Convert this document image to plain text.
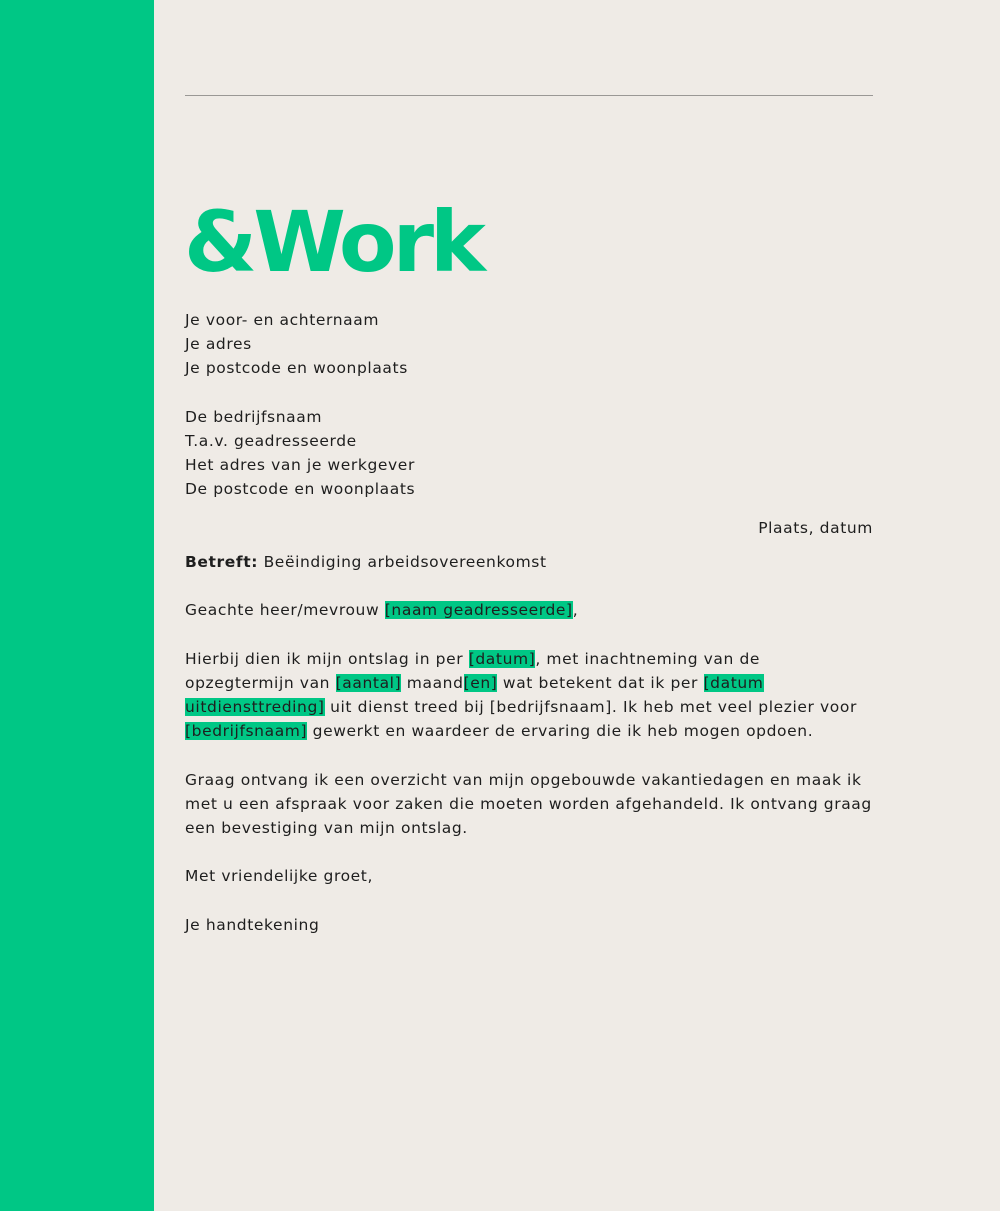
&Work

Je voor- en achternaam

Je adres

Je postcode en woonplaats

De bedrijfsnaam

T.a.v. geadresseerde

Het adres van je werkgever

De postcode en woonplaats

Plaats, datum

Betreft: Beëindiging arbeidsovereenkomst

Geachte heer/mevrouw [naam geadresseerde],

Hierbij dien ik mijn ontslag in per [datum], met inachtneming van de opzegtermijn van [aantal] maand[en] wat betekent dat ik per [datum uitdiensttreding] uit dienst treed bij [bedrijfsnaam]. Ik heb met veel plezier voor [bedrijfsnaam] gewerkt en waardeer de ervaring die ik heb mogen opdoen.

Graag ontvang ik een overzicht van mijn opgebouwde vakantiedagen en maak ik met u een afspraak voor zaken die moeten worden afgehandeld. Ik ontvang graag een bevestiging van mijn ontslag.

Met vriendelijke groet,

Je handtekening
